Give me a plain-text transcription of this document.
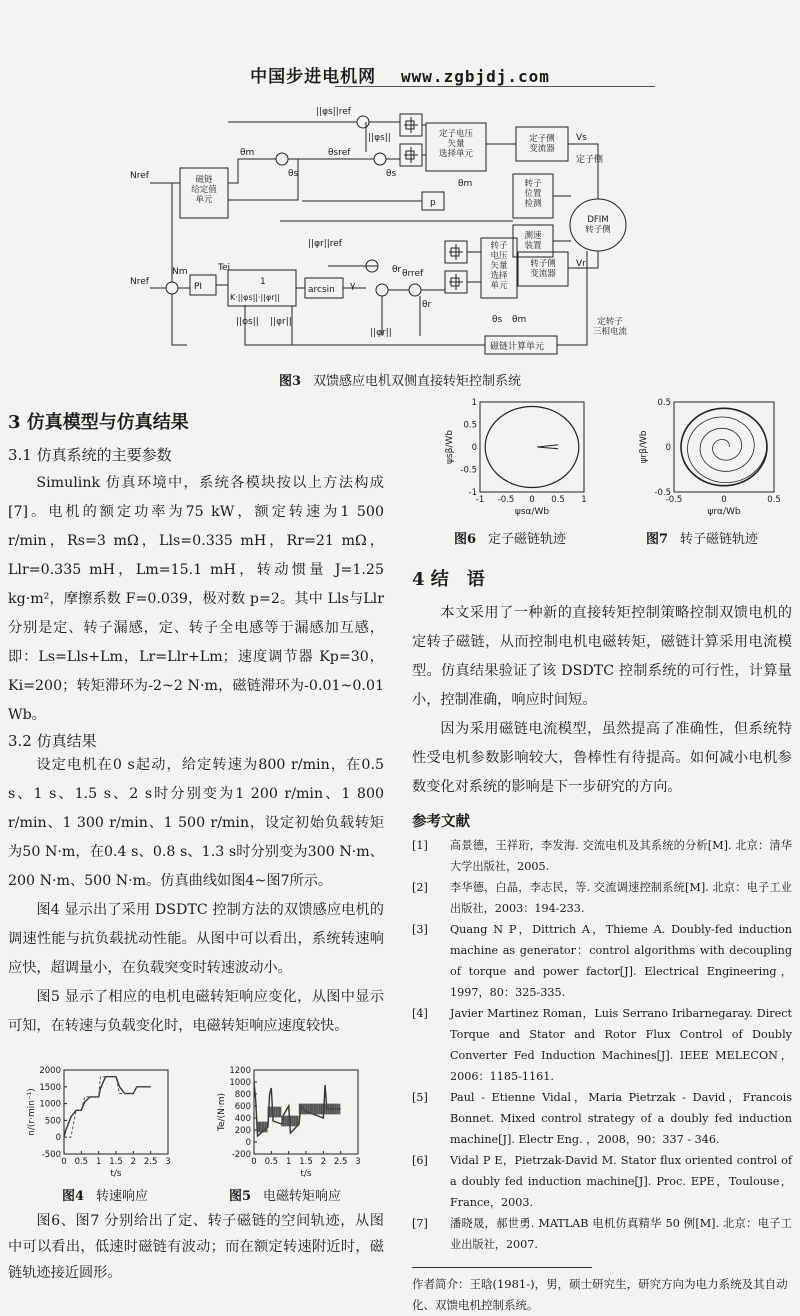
中国步进电机网 www.zgbjdj.com
||φs||ref
||φs||
Nref
Nref
Nm	Tei
θm	θsref
θs	θs
θm
||φr||ref
γ
θrref
θr
θr
||φs|| ||φr||
||φr||
θs θm
Vs
Vr
p
PI	1
K·||φs||·||φr||
arcsin
磁链计算单元
定子侧
磁链给定值单元
定子电压矢量选择单元
定子侧变流器
转子位置检测
测速装置
DFIM 转子侧
转子电压矢量选择单元
转子侧变流器
定转子三相电流
图3 双馈感应电机双侧直接转矩控制系统
3 仿真模型与仿真结果
3.1 仿真系统的主要参数

Simulink 仿真环境中，系统各模块按以上方法构成[7]。电机的额定功率为75 kW，额定转速为1 500 r/min，Rs=3 mΩ，Lls=0.335 mH，Rr=21 mΩ，Llr=0.335 mH，Lm=15.1 mH，转动惯量 J=1.25 kg·m²，摩擦系数 F=0.039，极对数 p=2。其中 Lls与Llr分别是定、转子漏感，定、转子全电感等于漏感加互感，即：Ls=Lls+Lm，Lr=Llr+Lm；速度调节器 Kp=30，Ki=200；转矩滞环为-2~2 N·m，磁链滞环为-0.01~0.01 Wb。

3.2 仿真结果

设定电机在0 s起动，给定转速为800 r/min，在0.5 s、1 s、1.5 s、2 s时分别变为1 200 r/min、1 800 r/min、1 300 r/min、1 500 r/min，设定初始负载转矩为50 N·m，在0.4 s、0.8 s、1.3 s时分别变为300 N·m、200 N·m、500 N·m。仿真曲线如图4~图7所示。

图4 显示出了采用 DSDTC 控制方法的双馈感应电机的调速性能与抗负载扰动性能。从图中可以看出，系统转速响应快，超调量小，在负载突变时转速波动小。

图5 显示了相应的电机电磁转矩响应变化，从图中显示可知，在转速与负载变化时，电磁转矩响应速度较快。

0 0.5 1 1.5 2 2.5 3
-500
0
500
1000
1500
2000
t/s
n/(r·min⁻¹)
0 0.5 1 1.5 2 2.5 3
-200
0
200
400
600
800
1000
1200
t/s
Te/(N·m)
图4 转速响应	图5 电磁转矩响应

图6、图7 分别给出了定、转子磁链的空间轨迹，从图中可以看出，低速时磁链有波动；而在额定转速附近时，磁链轨迹接近圆形。

-1 -0.5 0 0.5 1
-1
-0.5
0
0.5
1
ψsα/Wb
ψsβ/Wb
-0.5	0	0.5
-0.5
0
0.5
ψrα/Wb
ψrβ/Wb
图6 定子磁链轨迹	图7 转子磁链轨迹
4 结　语

本文采用了一种新的直接转矩控制策略控制双馈电机的定转子磁链，从而控制电机电磁转矩，磁链计算采用电流模型。仿真结果验证了该 DSDTC 控制系统的可行性，计算量小，控制准确，响应时间短。

因为采用磁链电流模型，虽然提高了准确性，但系统特性受电机参数影响较大，鲁棒性有待提高。如何减小电机参数变化对系统的影响是下一步研究的方向。

参考文献
[1]	高景德，王祥珩，李发海. 交流电机及其系统的分析[M]. 北京：清华大学出版社，2005.
[2]	李华德，白晶，李志民，等. 交流调速控制系统[M]. 北京：电子工业出版社，2003：194-233.
[3]	Quang N P，Dittrich A，Thieme A. Doubly-fed induction machine as generator：control algorithms with decoupling of torque and power factor[J]. Electrical Engineering，1997，80：325-335.
[4]	Javier Martinez Roman，Luis Serrano Iribarnegaray. Direct Torque and Stator and Rotor Flux Control of Doubly Converter Fed Induction Machines[J]. IEEE MELECON，2006：1185-1161.
[5]	Paul - Etienne Vidal，Maria Pietrzak - David，Francois Bonnet. Mixed control strategy of a doubly fed induction machine[J]. Electr Eng. ，2008，90：337 - 346.
[6]	Vidal P E，Pietrzak-David M. Stator flux oriented control of a doubly fed induction machine[J]. Proc. EPE，Toulouse，France，2003.
[7]	潘晓晟，郝世勇. MATLAB 电机仿真精华 50 例[M]. 北京：电子工业出版社，2007.
作者简介：王晗(1981-)，男，硕士研究生，研究方向为电力系统及其自动化、双馈电机控制系统。
